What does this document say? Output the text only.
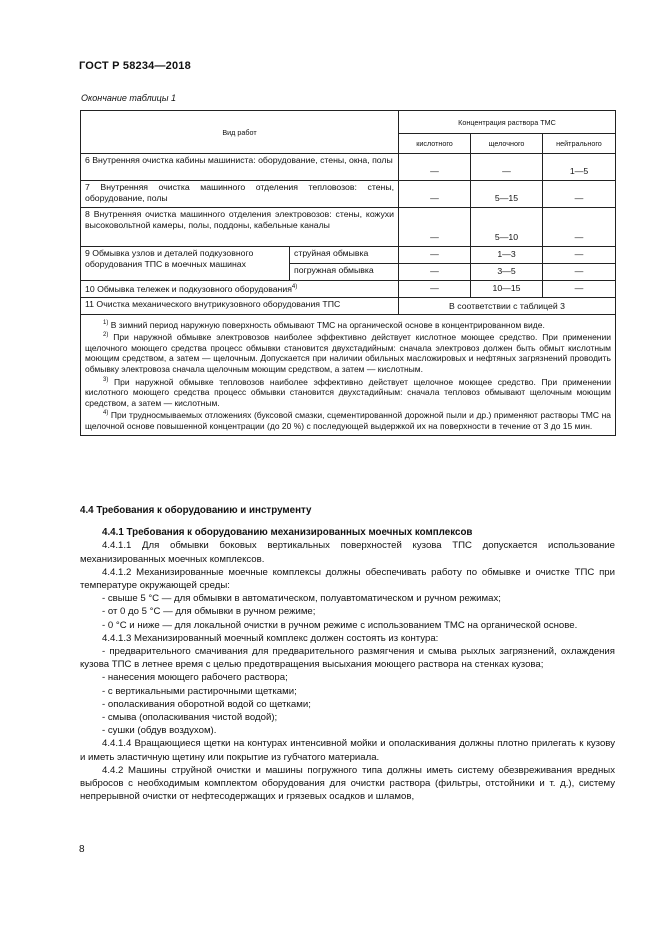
ГОСТ Р 58234—2018
Окончание таблицы 1
Вид работ		Концентрация раствора ТМС		
		кислотного	щелочного	нейтрального
6 Внутренняя очистка кабины машиниста: оборудование, стены, окна, полы		—	—	1—5
7 Внутренняя очистка машинного отделения тепловозов: стены, оборудование, полы		—	5—15	—
8 Внутренняя очистка машинного отделения электровозов: стены, кожухи высоковольтной камеры, полы, поддоны, кабельные каналы		—	5—10	—
9 Обмывка узлов и деталей подкузовного оборудования ТПС в моечных машинах	струйная обмывка	—	1—3	—
	погружная обмывка	—	3—5	—
10 Обмывка тележек и подкузовного оборудования$^{4)}$		—	10—15	—
11 Очистка механического внутрикузовного оборудования ТПС		В соответствии с таблицей 3		

$^{1)}$ В зимний период наружную поверхность обмывают ТМС на органической основе в концентрированном виде.

$^{2)}$ При наружной обмывке электровозов наиболее эффективно действует кислотное моющее средство. При применении щелочного моющего средства процесс обмывки становится двухстадийным: сначала электровоз должен быть обмыт кислотным моющим средством, а затем — щелочным. Допускается при наличии обильных масложировых и нефтяных загрязнений проводить обмывку электровоза сначала щелочным моющим средством, а затем — кислотным.

$^{3)}$ При наружной обмывке тепловозов наиболее эффективно действует щелочное моющее средство. При применении кислотного моющего средства процесс обмывки становится двухстадийным: сначала тепловоз обмывают щелочным моющим средством, а затем — кислотным.

$^{4)}$ При трудносмываемых отложениях (буксовой смазки, сцементированной дорожной пыли и др.) применяют растворы ТМС на щелочной основе повышенной концентрации (до 20 %) с последующей выдержкой их на поверхности в течение от 3 до 15 мин.				

4.4 Требования к оборудованию и инструменту
4.4.1 Требования к оборудованию механизированных моечных комплексов

4.4.1.1 Для обмывки боковых вертикальных поверхностей кузова ТПС допускается использование механизированных моечных комплексов.

4.4.1.2 Механизированные моечные комплексы должны обеспечивать работу по обмывке и очистке ТПС при температуре окружающей среды:

- свыше 5 °С — для обмывки в автоматическом, полуавтоматическом и ручном режимах;

- от 0 до 5 °С — для обмывки в ручном режиме;

- 0 °С и ниже — для локальной очистки в ручном режиме с использованием ТМС на органической основе.

4.4.1.3 Механизированный моечный комплекс должен состоять из контура:

- предварительного смачивания для предварительного размягчения и смыва рыхлых загрязнений, охлаждения кузова ТПС в летнее время с целью предотвращения высыхания моющего раствора на стенках кузова;

- нанесения моющего рабочего раствора;

- с вертикальными растирочными щетками;

- ополаскивания оборотной водой со щетками;

- смыва (ополаскивания чистой водой);

- сушки (обдув воздухом).

4.4.1.4 Вращающиеся щетки на контурах интенсивной мойки и ополаскивания должны плотно прилегать к кузову и иметь эластичную щетину или покрытие из губчатого материала.

4.4.2 Машины струйной очистки и машины погружного типа должны иметь систему обезвреживания вредных выбросов с необходимым комплектом оборудования для очистки раствора (фильтры, отстойники и т. д.), систему непрерывной очистки от нефтесодержащих и грязевых осадков и шламов,

8
